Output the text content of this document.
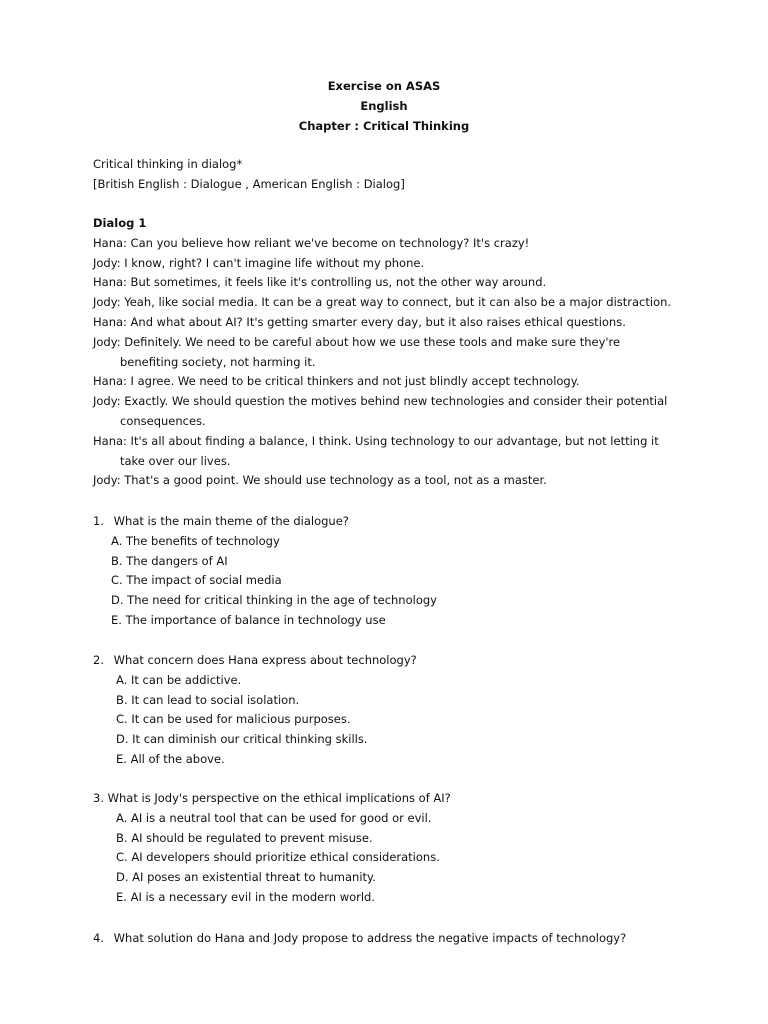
Exercise on ASAS
English
Chapter : Critical Thinking
Critical thinking in dialog*
[British English : Dialogue , American English : Dialog]
Dialog 1
Hana: Can you believe how reliant we've become on technology? It's crazy!
Jody: I know, right? I can't imagine life without my phone.
Hana: But sometimes, it feels like it's controlling us, not the other way around.
Jody: Yeah, like social media. It can be a great way to connect, but it can also be a major distraction.
Hana: And what about AI? It's getting smarter every day, but it also raises ethical questions.
Jody: Definitely. We need to be careful about how we use these tools and make sure they're
benefiting society, not harming it.
Hana: I agree. We need to be critical thinkers and not just blindly accept technology.
Jody: Exactly. We should question the motives behind new technologies and consider their potential
consequences.
Hana: It's all about finding a balance, I think. Using technology to our advantage, but not letting it
take over our lives.
Jody: That's a good point. We should use technology as a tool, not as a master.
1. What is the main theme of the dialogue?
A. The benefits of technology
B. The dangers of AI
C. The impact of social media
D. The need for critical thinking in the age of technology
E. The importance of balance in technology use
2. What concern does Hana express about technology?
A. It can be addictive.
B. It can lead to social isolation.
C. It can be used for malicious purposes.
D. It can diminish our critical thinking skills.
E. All of the above.
3. What is Jody's perspective on the ethical implications of AI?
A. AI is a neutral tool that can be used for good or evil.
B. AI should be regulated to prevent misuse.
C. AI developers should prioritize ethical considerations.
D. AI poses an existential threat to humanity.
E. AI is a necessary evil in the modern world.
4. What solution do Hana and Jody propose to address the negative impacts of technology?
